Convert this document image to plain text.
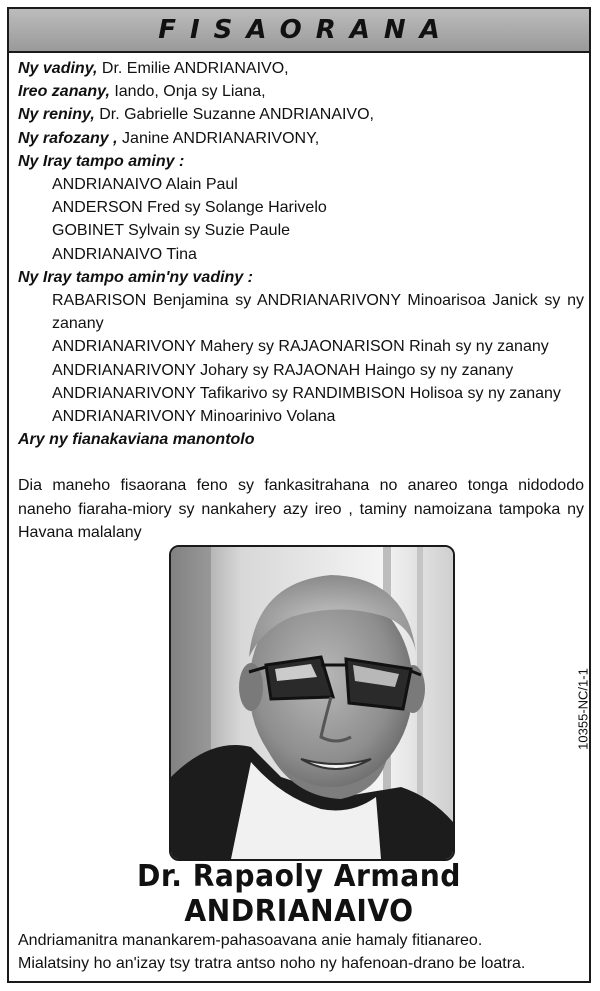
FISAORANA
Ny vadiny, Dr. Emilie ANDRIANAIVO,
Ireo zanany, Iando, Onja sy Liana,
Ny reniny, Dr. Gabrielle Suzanne ANDRIANAIVO,
Ny rafozany , Janine ANDRIANARIVONY,
Ny Iray tampo aminy :
ANDRIANAIVO Alain Paul
ANDERSON Fred sy Solange Harivelo
GOBINET Sylvain sy Suzie Paule
ANDRIANAIVO Tina
Ny Iray tampo amin'ny vadiny :
RABARISON Benjamina sy ANDRIANARIVONY Minoarisoa Janick sy ny zanany
ANDRIANARIVONY Mahery sy RAJAONARISON Rinah sy ny zanany
ANDRIANARIVONY Johary sy RAJAONAH Haingo sy ny zanany
ANDRIANARIVONY Tafikarivo sy RANDIMBISON Holisoa sy ny zanany
ANDRIANARIVONY Minoarinivo Volana
Ary ny fianakaviana manontolo
Dia maneho fisaorana feno sy fankasitrahana no anareo tonga nidododo naneho fiaraha-miory sy nankahery azy ireo , taminy namoizana tampoka ny Havana malalany
10355-NC/1-1
Dr. Rapaoly Armand ANDRIANAIVO
Andriamanitra manankarem-pahasoavana anie hamaly fitianareo.
Mialatsiny ho an'izay tsy tratra antso noho ny hafenoan-drano be loatra.
